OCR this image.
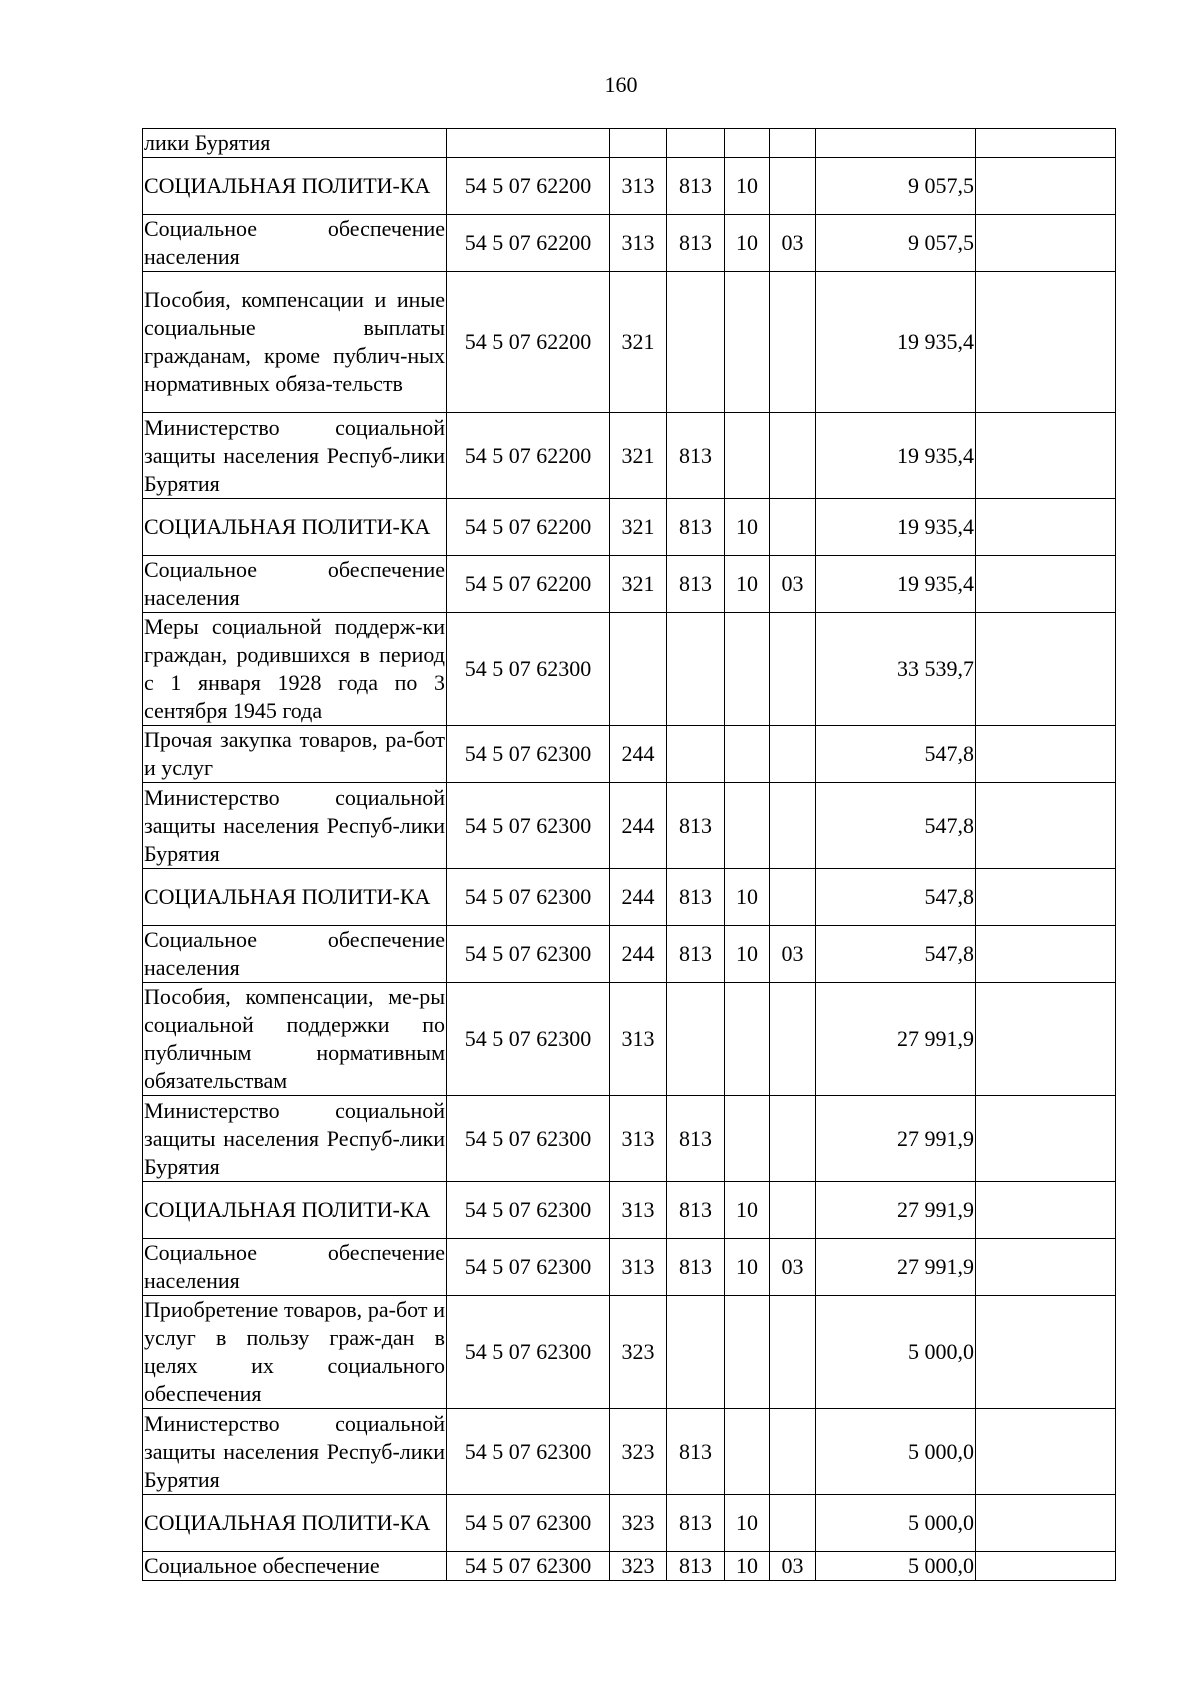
160
лики Бурятия							
СОЦИАЛЬНАЯ ПОЛИТИ-КА	54 5 07 62200	313	813	10		9 057,5	
Социальное обеспечение населения	54 5 07 62200	313	813	10	03	9 057,5	
Пособия, компенсации и иные социальные выплаты гражданам, кроме публич-ных нормативных обяза-тельств	54 5 07 62200	321				19 935,4	
Министерство социальной защиты населения Респуб-лики Бурятия	54 5 07 62200	321	813			19 935,4	
СОЦИАЛЬНАЯ ПОЛИТИ-КА	54 5 07 62200	321	813	10		19 935,4	
Социальное обеспечение населения	54 5 07 62200	321	813	10	03	19 935,4	
Меры социальной поддерж-ки граждан, родившихся в период с 1 января 1928 года по 3 сентября 1945 года	54 5 07 62300					33 539,7	
Прочая закупка товаров, ра-бот и услуг	54 5 07 62300	244				547,8	
Министерство социальной защиты населения Респуб-лики Бурятия	54 5 07 62300	244	813			547,8	
СОЦИАЛЬНАЯ ПОЛИТИ-КА	54 5 07 62300	244	813	10		547,8	
Социальное обеспечение населения	54 5 07 62300	244	813	10	03	547,8	
Пособия, компенсации, ме-ры социальной поддержки по публичным нормативным обязательствам	54 5 07 62300	313				27 991,9	
Министерство социальной защиты населения Респуб-лики Бурятия	54 5 07 62300	313	813			27 991,9	
СОЦИАЛЬНАЯ ПОЛИТИ-КА	54 5 07 62300	313	813	10		27 991,9	
Социальное обеспечение населения	54 5 07 62300	313	813	10	03	27 991,9	
Приобретение товаров, ра-бот и услуг в пользу граж-дан в целях их социального обеспечения	54 5 07 62300	323				5 000,0	
Министерство социальной защиты населения Респуб-лики Бурятия	54 5 07 62300	323	813			5 000,0	
СОЦИАЛЬНАЯ ПОЛИТИ-КА	54 5 07 62300	323	813	10		5 000,0	
Социальное обеспечение	54 5 07 62300	323	813	10	03	5 000,0	
